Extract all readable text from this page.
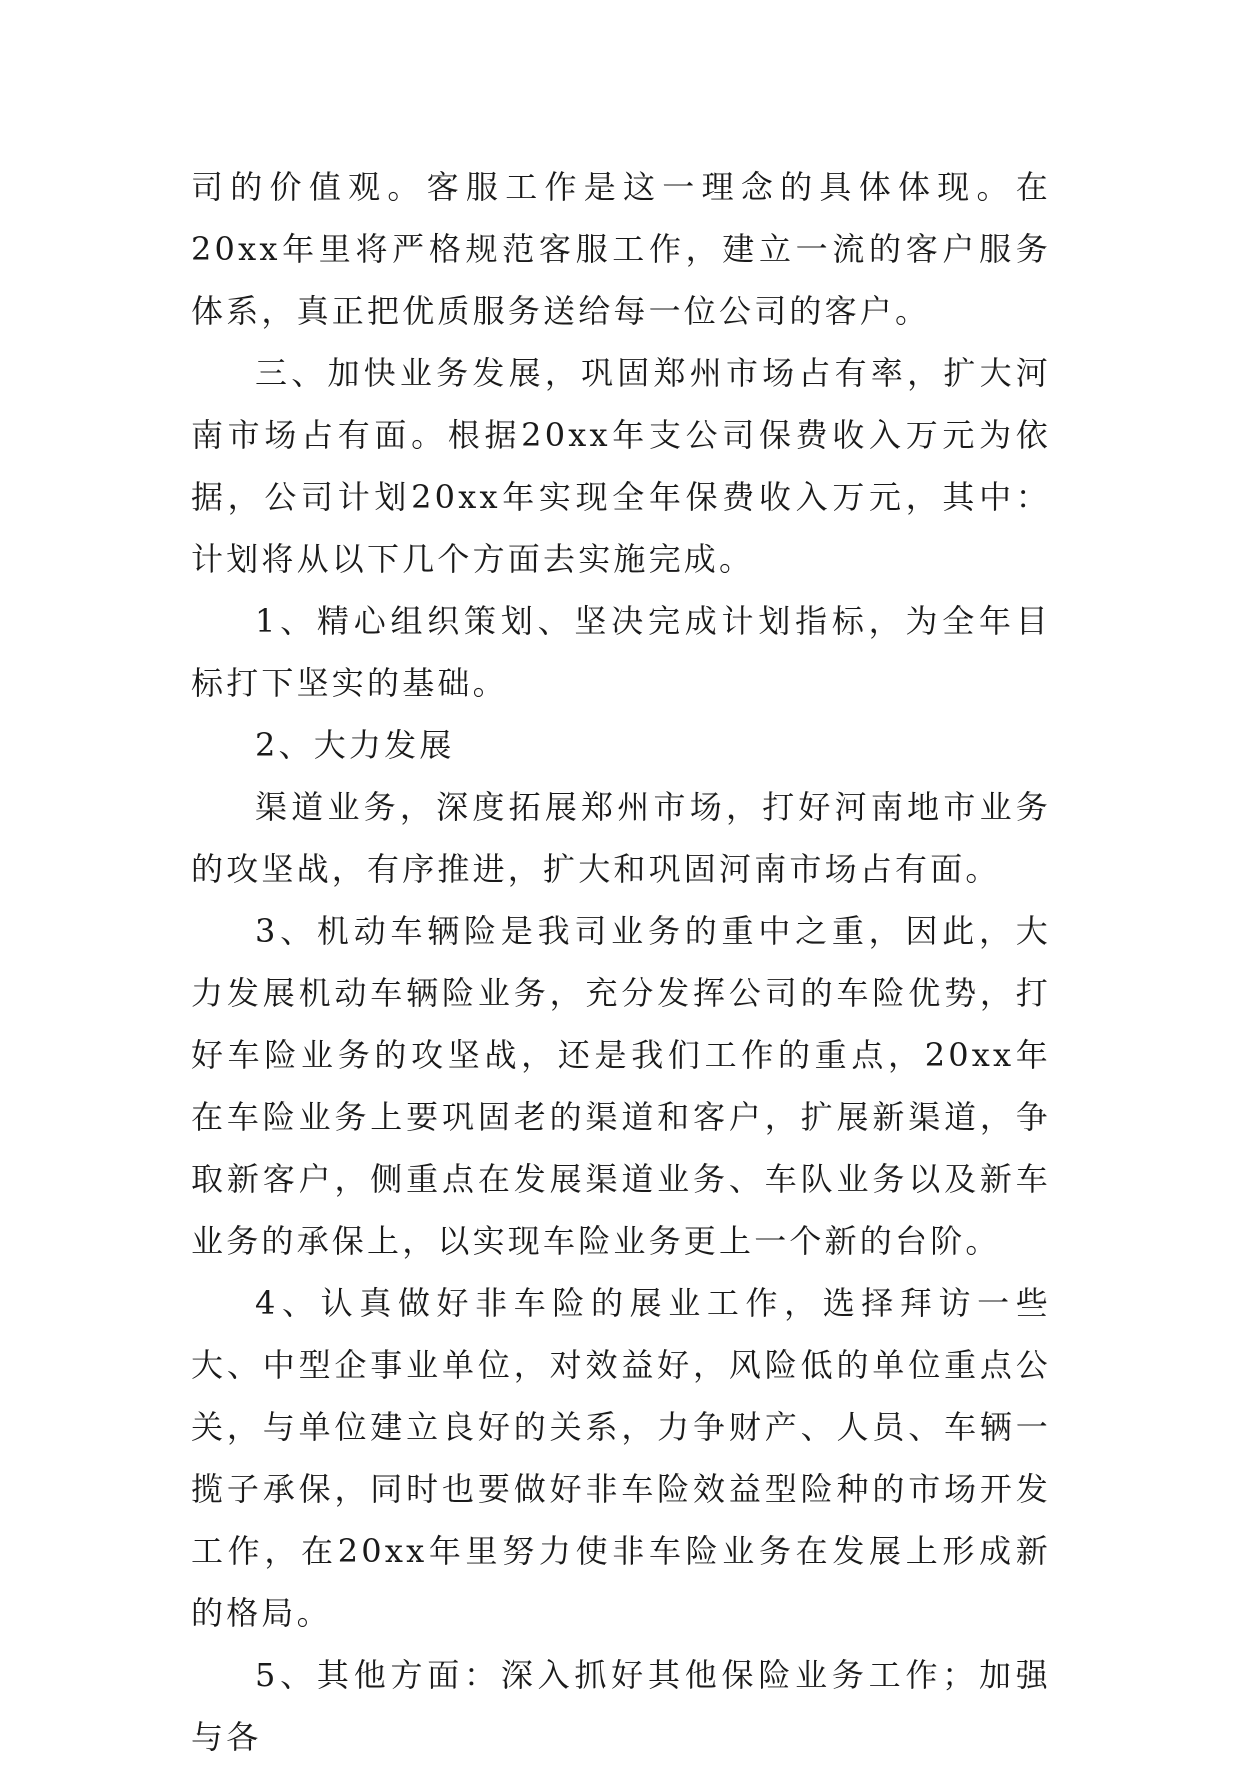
司的价值观。客服工作是这一理念的具体体现。在20xx年里将严格规范客服工作，建立一流的客户服务体系，真正把优质服务送给每一位公司的客户。

三、加快业务发展，巩固郑州市场占有率，扩大河南市场占有面。根据20xx年支公司保费收入万元为依据，公司计划20xx年实现全年保费收入万元，其中：计划将从以下几个方面去实施完成。

1、精心组织策划、坚决完成计划指标，为全年目标打下坚实的基础。

2、大力发展

渠道业务，深度拓展郑州市场，打好河南地市业务的攻坚战，有序推进，扩大和巩固河南市场占有面。

3、机动车辆险是我司业务的重中之重，因此，大力发展机动车辆险业务，充分发挥公司的车险优势，打好车险业务的攻坚战，还是我们工作的重点，20xx年在车险业务上要巩固老的渠道和客户，扩展新渠道，争取新客户，侧重点在发展渠道业务、车队业务以及新车业务的承保上，以实现车险业务更上一个新的台阶。

4、认真做好非车险的展业工作，选择拜访一些大、中型企事业单位，对效益好，风险低的单位重点公关，与单位建立良好的关系，力争财产、人员、车辆一揽子承保，同时也要做好非车险效益型险种的市场开发工作，在20xx年里努力使非车险业务在发展上形成新的格局。

5、其他方面：深入抓好其他保险业务工作；加强与各
